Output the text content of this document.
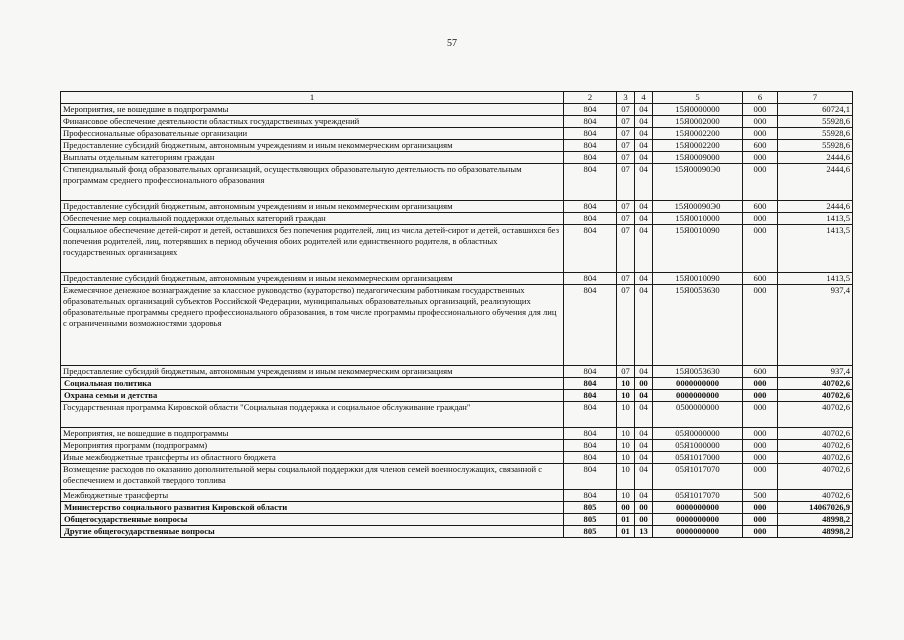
57
1	2	3	4	5	6	7
Мероприятия, не вошедшие в подпрограммы	804	07	04	15Я0000000	000	60724,1
Финансовое обеспечение деятельности областных государственных учреждений	804	07	04	15Я0002000	000	55928,6
Профессиональные образовательные организации	804	07	04	15Я0002200	000	55928,6
Предоставление субсидий бюджетным, автономным учреждениям и иным некоммерческим организациям	804	07	04	15Я0002200	600	55928,6
Выплаты отдельным категориям граждан	804	07	04	15Я0009000	000	2444,6
Стипендиальный фонд образовательных организаций, осуществляющих образовательную деятельность по образовательным программам среднего профессионального образования	804	07	04	15Я00090Э0	000	2444,6
Предоставление субсидий бюджетным, автономным учреждениям и иным некоммерческим организациям	804	07	04	15Я00090Э0	600	2444,6
Обеспечение мер социальной поддержки отдельных категорий граждан	804	07	04	15Я0010000	000	1413,5
Социальное обеспечение детей-сирот и детей, оставшихся без попечения родителей, лиц из числа детей-сирот и детей, оставшихся без попечения родителей, лиц, потерявших в период обучения обоих родителей или единственного родителя, в областных государственных организациях	804	07	04	15Я0010090	000	1413,5
Предоставление субсидий бюджетным, автономным учреждениям и иным некоммерческим организациям	804	07	04	15Я0010090	600	1413,5
Ежемесячное денежное вознаграждение за классное руководство (кураторство) педагогическим работникам государственных образовательных организаций субъектов Российской Федерации, муниципальных образовательных организаций, реализующих образовательные программы среднего профессионального образования, в том числе программы профессионального обучения для лиц с ограниченными возможностями здоровья	804	07	04	15Я0053630	000	937,4
Предоставление субсидий бюджетным, автономным учреждениям и иным некоммерческим организациям	804	07	04	15Я0053630	600	937,4
Социальная политика	804	10	00	0000000000	000	40702,6
Охрана семьи и детства	804	10	04	0000000000	000	40702,6
Государственная программа Кировской области "Социальная поддержка и социальное обслуживание граждан"	804	10	04	0500000000	000	40702,6
Мероприятия, не вошедшие в подпрограммы	804	10	04	05Я0000000	000	40702,6
Мероприятия программ (подпрограмм)	804	10	04	05Я1000000	000	40702,6
Иные межбюджетные трансферты из областного бюджета	804	10	04	05Я1017000	000	40702,6
Возмещение расходов по оказанию дополнительной меры социальной поддержки для членов семей военнослужащих, связанной с обеспечением и доставкой твердого топлива	804	10	04	05Я1017070	000	40702,6
Межбюджетные трансферты	804	10	04	05Я1017070	500	40702,6
Министерство социального развития Кировской области	805	00	00	0000000000	000	14067026,9
Общегосударственные вопросы	805	01	00	0000000000	000	48998,2
Другие общегосударственные вопросы	805	01	13	0000000000	000	48998,2
